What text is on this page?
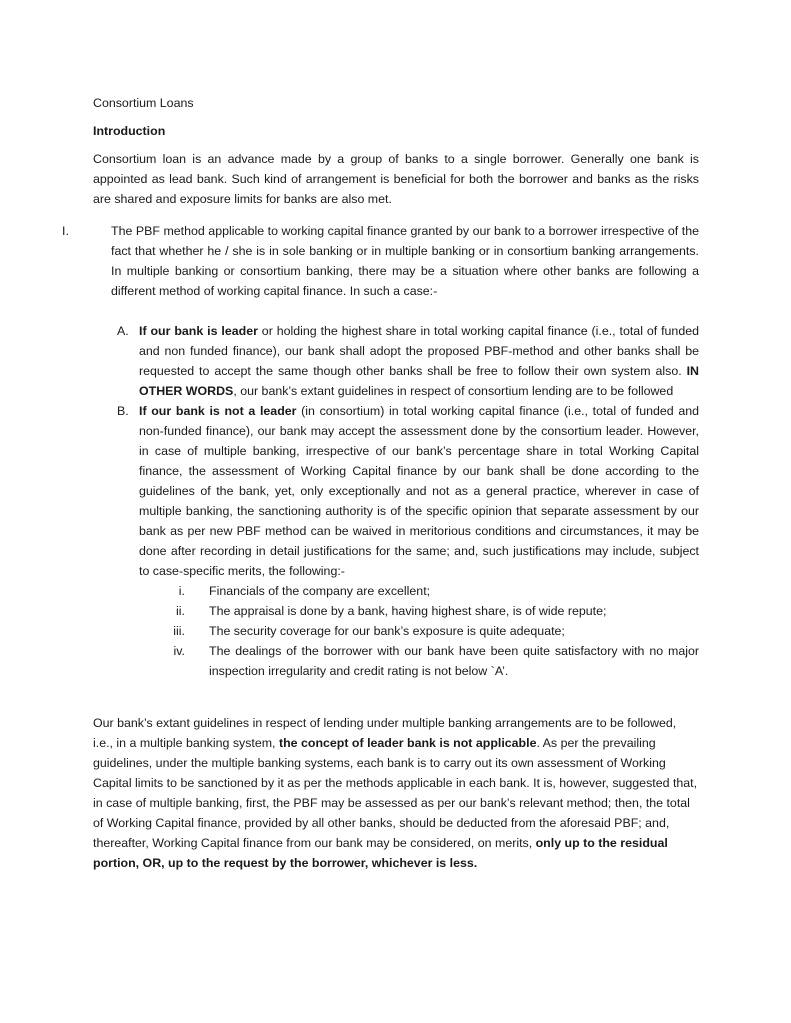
Consortium Loans

Introduction

Consortium loan is an advance made by a group of banks to a single borrower. Generally one bank is appointed as lead bank. Such kind of arrangement is beneficial for both the borrower and banks as the risks are shared and exposure limits for banks are also met.

I.	The PBF method applicable to working capital finance granted by our bank to a borrower irrespective of the fact that whether he / she is in sole banking or in multiple banking or in consortium banking arrangements. In multiple banking or consortium banking, there may be a situation where other banks are following a different method of working capital finance. In such a case:-

A. If our bank is leader or holding the highest share in total working capital finance (i.e., total of funded and non funded finance), our bank shall adopt the proposed PBF-method and other banks shall be requested to accept the same though other banks shall be free to follow their own system also. IN OTHER WORDS, our bank’s extant guidelines in respect of consortium lending are to be followed

B. If our bank is not a leader (in consortium) in total working capital finance (i.e., total of funded and non-funded finance), our bank may accept the assessment done by the consortium leader. However, in case of multiple banking, irrespective of our bank’s percentage share in total Working Capital finance, the assessment of Working Capital finance by our bank shall be done according to the guidelines of the bank, yet, only exceptionally and not as a general practice, wherever in case of multiple banking, the sanctioning authority is of the specific opinion that separate assessment by our bank as per new PBF method can be waived in meritorious conditions and circumstances, it may be done after recording in detail justifications for the same; and, such justifications may include, subject to case-specific merits, the following:-

i. Financials of the company are excellent;
ii. The appraisal is done by a bank, having highest share, is of wide repute;
iii. The security coverage for our bank’s exposure is quite adequate;
iv. The dealings of the borrower with our bank have been quite satisfactory with no major inspection irregularity and credit rating is not below `A’.

Our bank’s extant guidelines in respect of lending under multiple banking arrangements are to be followed, i.e., in a multiple banking system, the concept of leader bank is not applicable. As per the prevailing guidelines, under the multiple banking systems, each bank is to carry out its own assessment of Working Capital limits to be sanctioned by it as per the methods applicable in each bank. It is, however, suggested that, in case of multiple banking, first, the PBF may be assessed as per our bank’s relevant method; then, the total of Working Capital finance, provided by all other banks, should be deducted from the aforesaid PBF; and, thereafter, Working Capital finance from our bank may be considered, on merits, only up to the residual portion, OR, up to the request by the borrower, whichever is less.
